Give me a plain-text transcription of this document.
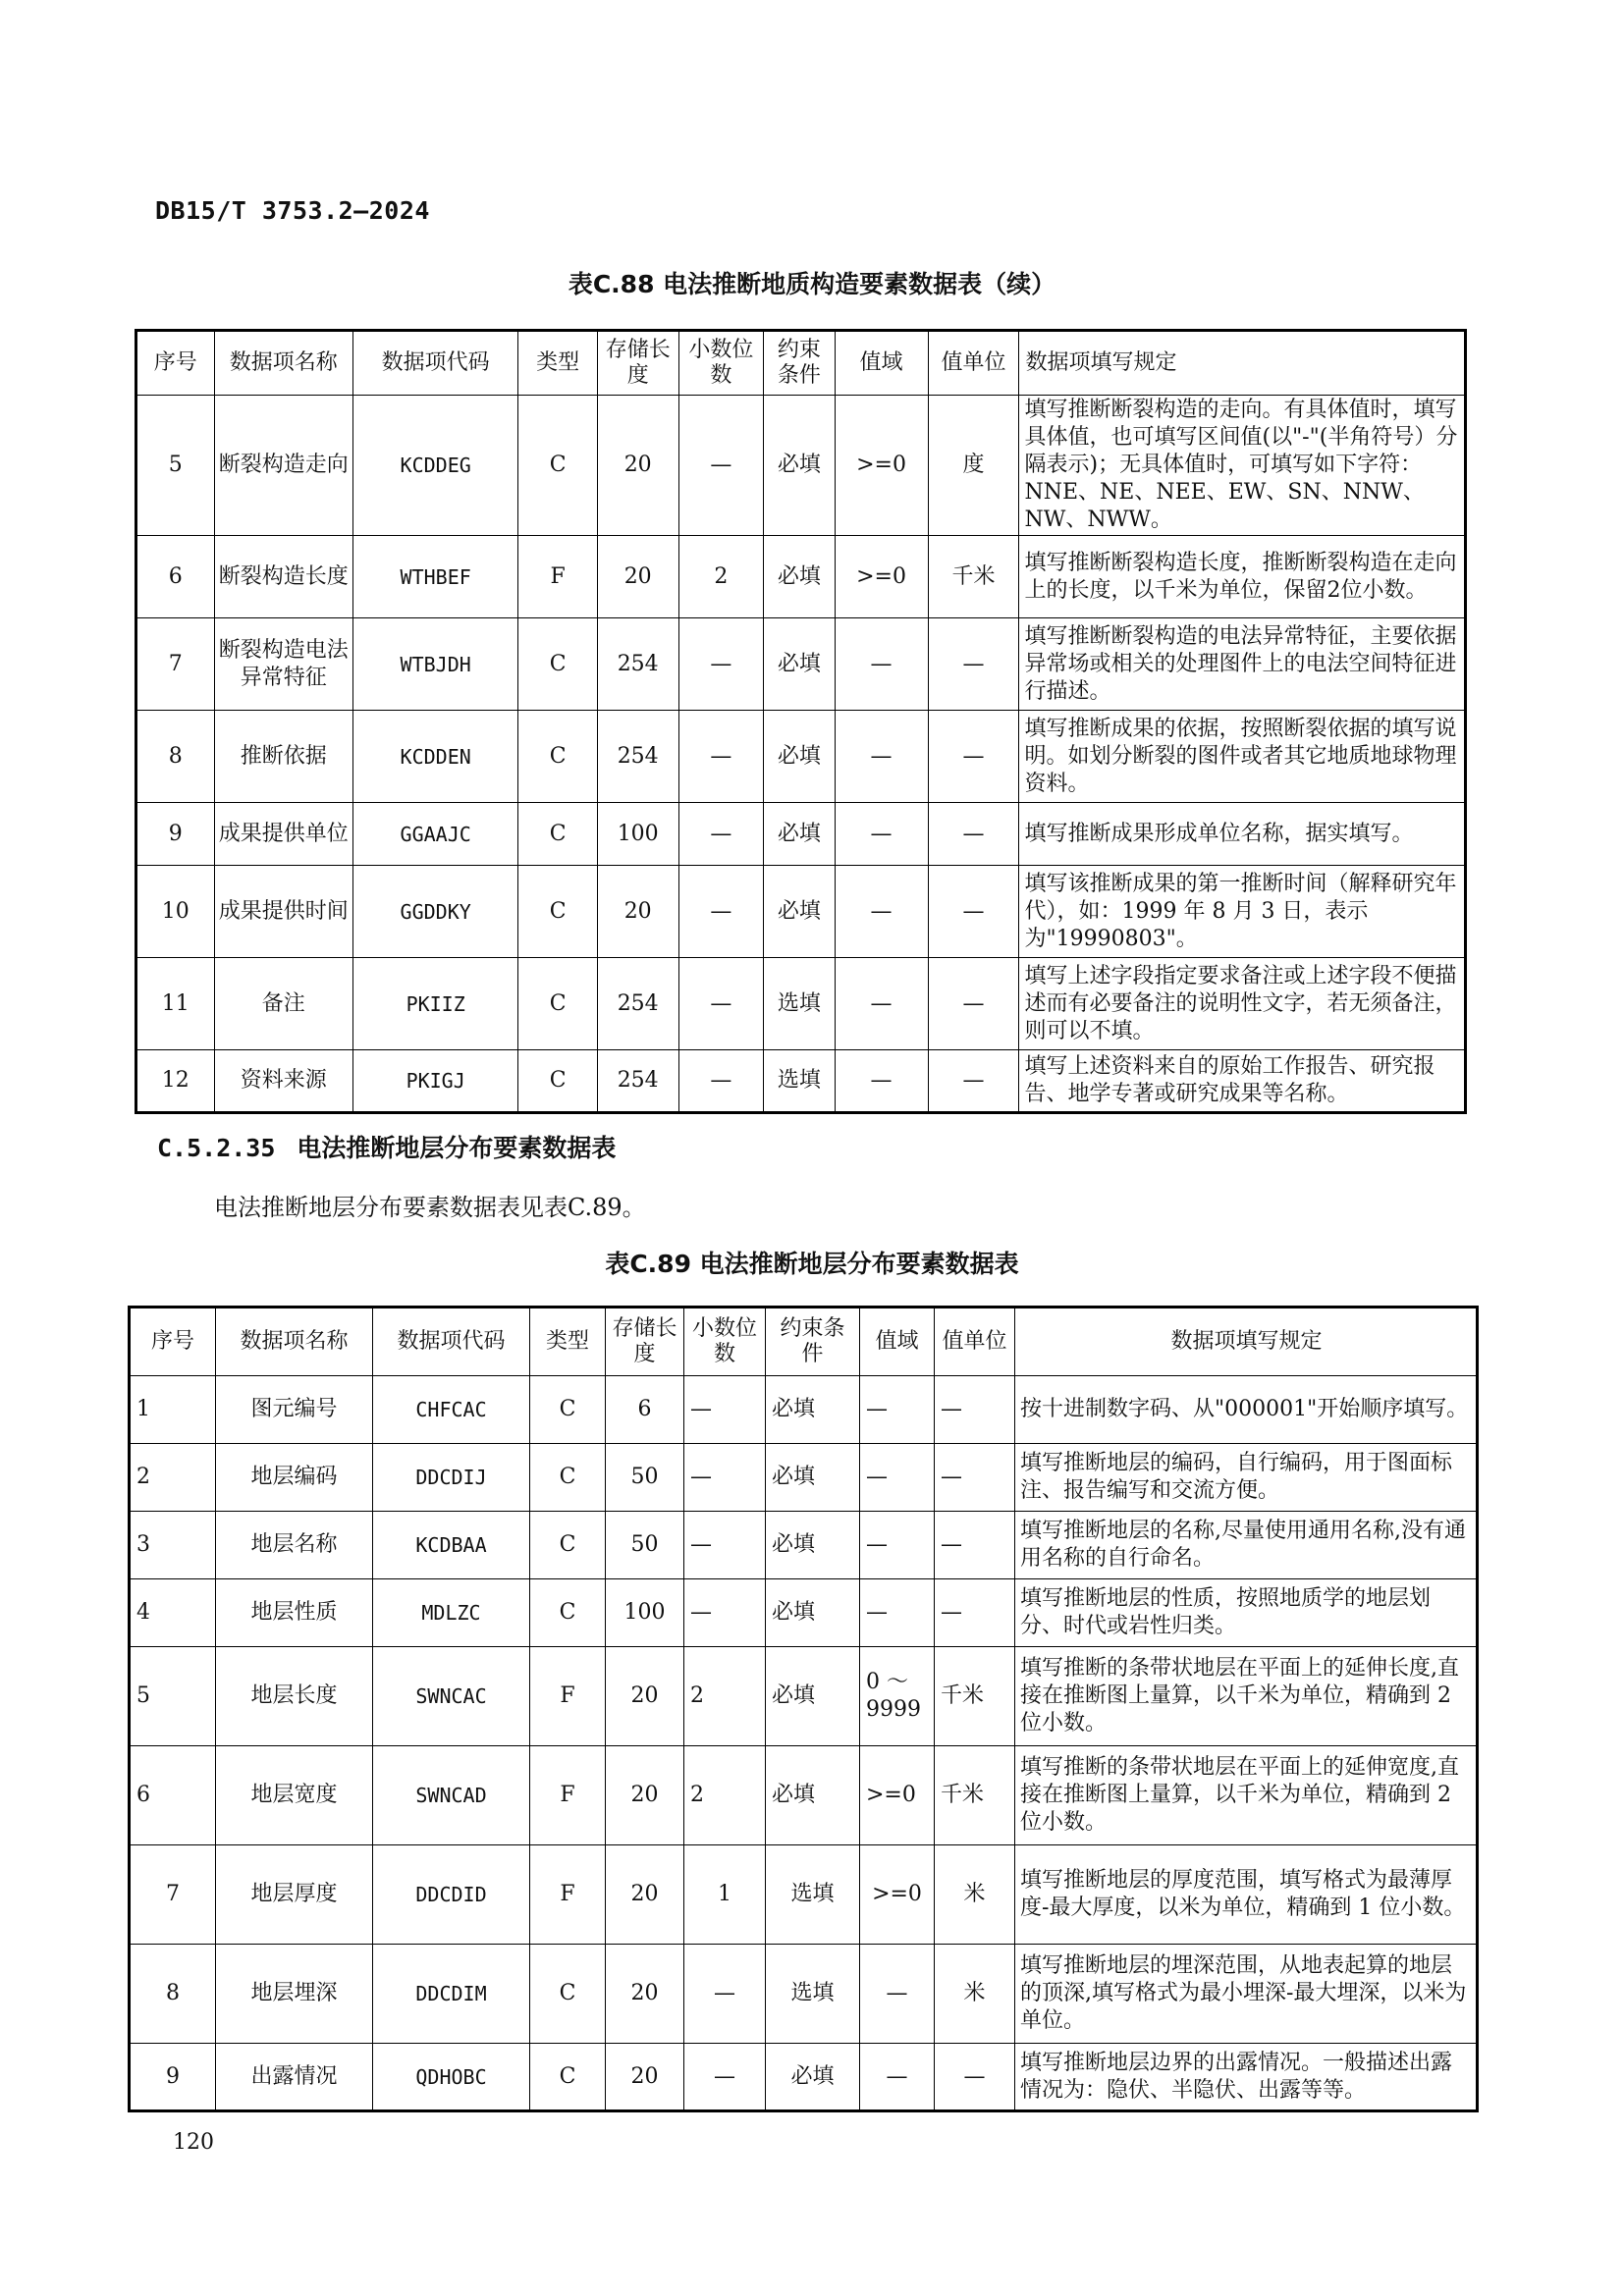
DB15/T 3753.2—2024
表C.88 电法推断地质构造要素数据表（续）
序号	数据项名称	数据项代码	类型	存储长度	小数位数	约束条件	值域	值单位	数据项填写规定
5	断裂构造走向	KCDDEG	C	20	—	必填	>=0	度	填写推断断裂构造的走向。有具体值时，填写具体值，也可填写区间值(以"-"(半角符号）分隔表示)；无具体值时，可填写如下字符：NNE、NE、NEE、EW、SN、NNW、NW、NWW。
6	断裂构造长度	WTHBEF	F	20	2	必填	>=0	千米	填写推断断裂构造长度，推断断裂构造在走向上的长度，以千米为单位，保留2位小数。
7	断裂构造电法异常特征	WTBJDH	C	254	—	必填	—	—	填写推断断裂构造的电法异常特征，主要依据异常场或相关的处理图件上的电法空间特征进行描述。
8	推断依据	KCDDEN	C	254	—	必填	—	—	填写推断成果的依据，按照断裂依据的填写说明。如划分断裂的图件或者其它地质地球物理资料。
9	成果提供单位	GGAAJC	C	100	—	必填	—	—	填写推断成果形成单位名称，据实填写。
10	成果提供时间	GGDDKY	C	20	—	必填	—	—	填写该推断成果的第一推断时间（解释研究年代），如：1999 年 8 月 3 日，表示为"19990803"。
11	备注	PKIIZ	C	254	—	选填	—	—	填写上述字段指定要求备注或上述字段不便描述而有必要备注的说明性文字，若无须备注，则可以不填。
12	资料来源	PKIGJ	C	254	—	选填	—	—	填写上述资料来自的原始工作报告、研究报告、地学专著或研究成果等名称。
C.5.2.35 电法推断地层分布要素数据表
电法推断地层分布要素数据表见表C.89。
表C.89 电法推断地层分布要素数据表
序号	数据项名称	数据项代码	类型	存储长度	小数位数	约束条件	值域	值单位	数据项填写规定
1	图元编号	CHFCAC	C	6	—	必填	—	—	按十进制数字码、从"000001"开始顺序填写。
2	地层编码	DDCDIJ	C	50	—	必填	—	—	填写推断地层的编码，自行编码，用于图面标注、报告编写和交流方便。
3	地层名称	KCDBAA	C	50	—	必填	—	—	填写推断地层的名称,尽量使用通用名称,没有通用名称的自行命名。
4	地层性质	MDLZC	C	100	—	必填	—	—	填写推断地层的性质，按照地质学的地层划分、时代或岩性归类。
5	地层长度	SWNCAC	F	20	2	必填	0 ～9999	千米	填写推断的条带状地层在平面上的延伸长度,直接在推断图上量算，以千米为单位，精确到 2 位小数。
6	地层宽度	SWNCAD	F	20	2	必填	>=0	千米	填写推断的条带状地层在平面上的延伸宽度,直接在推断图上量算，以千米为单位，精确到 2 位小数。
7	地层厚度	DDCDID	F	20	1	选填	>=0	米	填写推断地层的厚度范围，填写格式为最薄厚度-最大厚度，以米为单位，精确到 1 位小数。
8	地层埋深	DDCDIM	C	20	—	选填	—	米	填写推断地层的埋深范围，从地表起算的地层的顶深,填写格式为最小埋深-最大埋深，以米为单位。
9	出露情况	QDHOBC	C	20	—	必填	—	—	填写推断地层边界的出露情况。一般描述出露情况为：隐伏、半隐伏、出露等等。
120
